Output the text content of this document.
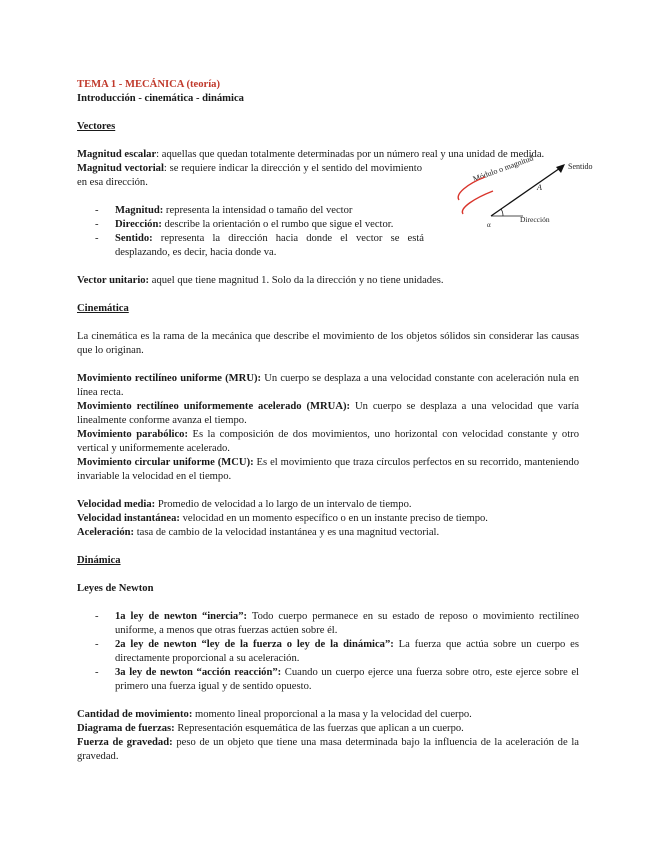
TEMA 1 - MECÁNICA (teoría)

Introducción - cinemática - dinámica

Vectores

Magnitud escalar: aquellas que quedan totalmente determinadas por un número real y una unidad de medida.

Magnitud vectorial: se requiere indicar la dirección y el sentido del movimiento en esa dirección.

- Magnitud: representa la intensidad o tamaño del vector
- Dirección: describe la orientación o el rumbo que sigue el vector.
- Sentido: representa la dirección hacia donde el vector se está desplazando, es decir, hacia donde va.
Módulo o magnitud	Sentido
A
α
Dirección

Vector unitario: aquel que tiene magnitud 1. Solo da la dirección y no tiene unidades.

Cinemática

La cinemática es la rama de la mecánica que describe el movimiento de los objetos sólidos sin considerar las causas que lo originan.

Movimiento rectilíneo uniforme (MRU): Un cuerpo se desplaza a una velocidad constante con aceleración nula en línea recta.

Movimiento rectilíneo uniformemente acelerado (MRUA): Un cuerpo se desplaza a una velocidad que varía linealmente conforme avanza el tiempo.

Movimiento parabólico: Es la composición de dos movimientos, uno horizontal con velocidad constante y otro vertical y uniformemente acelerado.

Movimiento circular uniforme (MCU): Es el movimiento que traza círculos perfectos en su recorrido, manteniendo invariable la velocidad en el tiempo.

Velocidad media: Promedio de velocidad a lo largo de un intervalo de tiempo.

Velocidad instantánea: velocidad en un momento específico o en un instante preciso de tiempo.

Aceleración: tasa de cambio de la velocidad instantánea y es una magnitud vectorial.

Dinámica

Leyes de Newton

- 1a ley de newton “inercia”: Todo cuerpo permanece en su estado de reposo o movimiento rectilíneo uniforme, a menos que otras fuerzas actúen sobre él.
- 2a ley de newton “ley de la fuerza o ley de la dinámica”: La fuerza que actúa sobre un cuerpo es directamente proporcional a su aceleración.
- 3a ley de newton “acción reacción”: Cuando un cuerpo ejerce una fuerza sobre otro, este ejerce sobre el primero una fuerza igual y de sentido opuesto.

Cantidad de movimiento: momento lineal proporcional a la masa y la velocidad del cuerpo.

Diagrama de fuerzas: Representación esquemática de las fuerzas que aplican a un cuerpo.

Fuerza de gravedad: peso de un objeto que tiene una masa determinada bajo la influencia de la aceleración de la gravedad.
